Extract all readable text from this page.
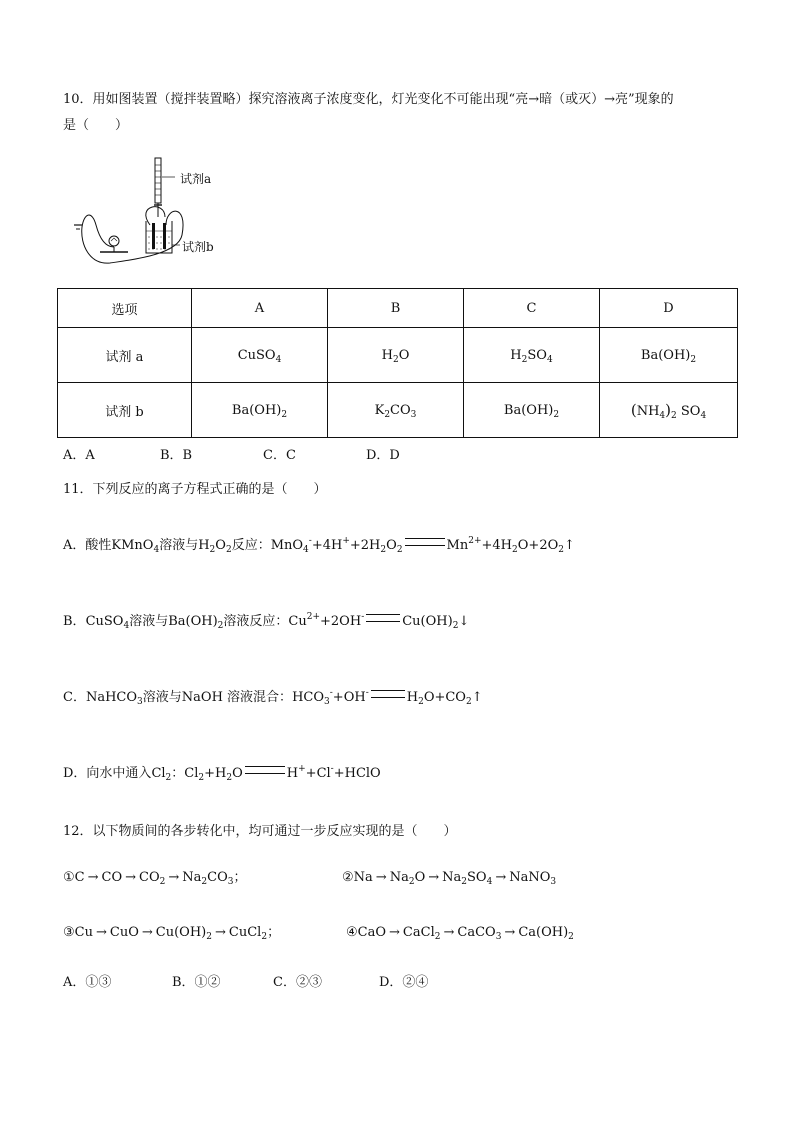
10．用如图装置（搅拌装置略）探究溶液离子浓度变化，灯光变化不可能出现“亮→暗（或灭）→亮”现象的
是（　　）
试剂a
试剂b
选项	A	B	C	D
试剂 a	CuSO$_4$	$H_2O$	$H_2SO_4$	$Ba(OH)_2$
试剂 b	$Ba(OH)_2$	$K_2CO_3$	$Ba(OH)_2$	$(NH_4)_2$ $SO_4$
A．A	B．B	C．C	D．D
11．下列反应的离子方程式正确的是（　　）
A．酸性KMnO$_4$溶液与$H_2O_2$反应：$MnO_4^-+4H^++2H_2O_2$	$Mn^{2+}+4H_2O+2O_2↑$
B．CuSO$_4$溶液与$Ba(OH)_2$溶液反应：$Cu^{2+}+2OH^-$	$Cu(OH)_2↓$
C．NaHCO$_3$溶液与NaOH 溶液混合：$HCO_3^-+OH^-$	$H_2O+CO_2↑$
D．向水中通入$Cl_2$：$Cl_2+H_2O$	H++Cl-+HClO
12．以下物质间的各步转化中，均可通过一步反应实现的是（　　）
①C → CO → $CO_2 \to Na_2CO_3$；	②Na → $Na_2O \to Na_2SO_4$ → NaNO$_3$
③Cu → CuO → $Cu(OH)_2$ → CuCl$_2$；	④CaO → CaCl$_2$ → CaCO$_3$ → $Ca(OH)_2$
A．①③	B．①②	C．②③	D．②④
